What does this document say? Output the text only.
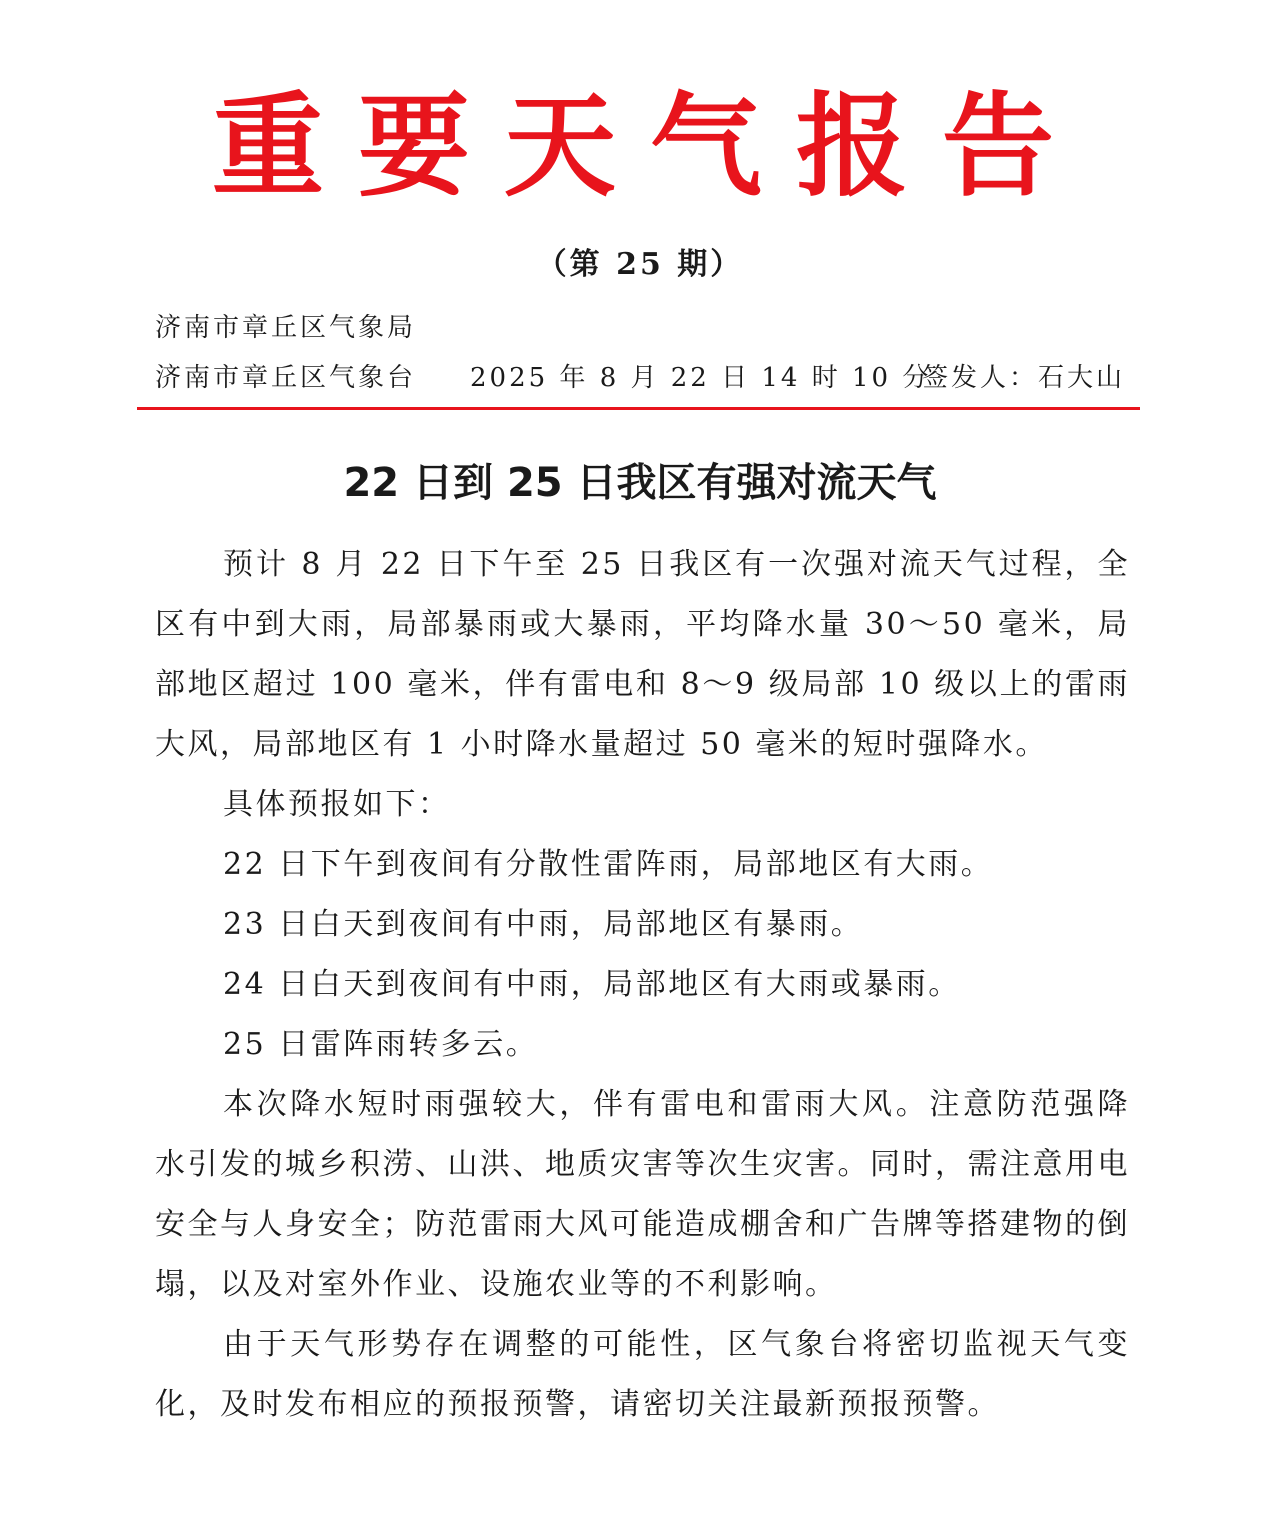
重要天气报告
（第 25 期）
济南市章丘区气象局
济南市章丘区气象台 2025 年 8 月 22 日 14 时 10 分
签发人：石大山
22 日到 25 日我区有强对流天气

预计 8 月 22 日下午至 25 日我区有一次强对流天气过程，全区有中到大雨，局部暴雨或大暴雨，平均降水量 30～50 毫米，局部地区超过 100 毫米，伴有雷电和 8～9 级局部 10 级以上的雷雨大风，局部地区有 1 小时降水量超过 50 毫米的短时强降水。

具体预报如下：

22 日下午到夜间有分散性雷阵雨，局部地区有大雨。

23 日白天到夜间有中雨，局部地区有暴雨。

24 日白天到夜间有中雨，局部地区有大雨或暴雨。

25 日雷阵雨转多云。

本次降水短时雨强较大，伴有雷电和雷雨大风。注意防范强降水引发的城乡积涝、山洪、地质灾害等次生灾害。同时，需注意用电安全与人身安全；防范雷雨大风可能造成棚舍和广告牌等搭建物的倒塌，以及对室外作业、设施农业等的不利影响。

由于天气形势存在调整的可能性，区气象台将密切监视天气变化，及时发布相应的预报预警，请密切关注最新预报预警。
